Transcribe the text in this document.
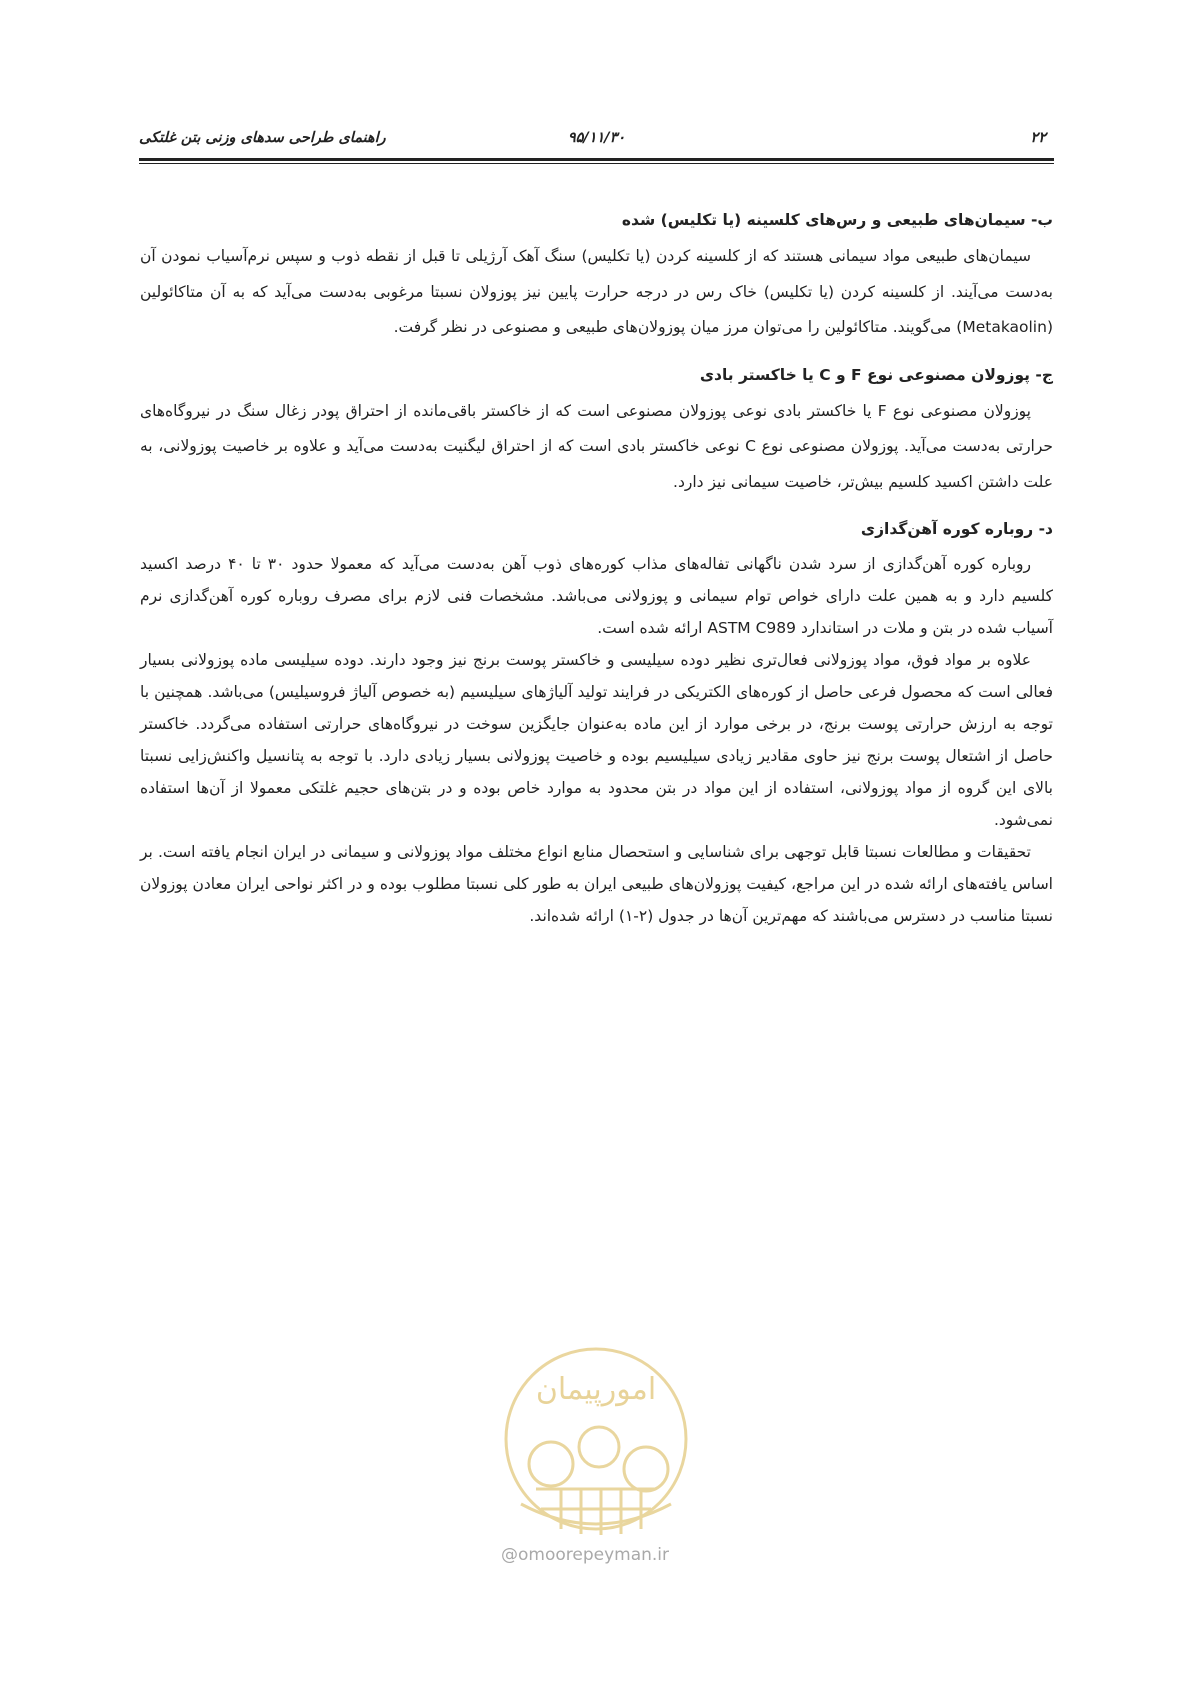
راهنمای طراحی سدهای وزنی بتن غلتکی	۹۵/۱۱/۳۰	۲۲
ب- سیمان‌های طبیعی و رس‌های کلسینه (یا تکلیس) شده

سیمان‌های طبیعی مواد سیمانی هستند که از کلسینه کردن (یا تکلیس) سنگ آهک آرژیلی تا قبل از نقطه ذوب و سپس نرم‌آسیاب نمودن آن به‌دست می‌آیند. از کلسینه کردن (یا تکلیس) خاک رس در درجه حرارت پایین نیز پوزولان نسبتا مرغوبی به‌دست می‌آید که به آن متاکائولین (Metakaolin) می‌گویند. متاکائولین را می‌توان مرز میان پوزولان‌های طبیعی و مصنوعی در نظر گرفت.

ج- پوزولان مصنوعی نوع F و C یا خاکستر بادی

پوزولان مصنوعی نوع F یا خاکستر بادی نوعی پوزولان مصنوعی است که از خاکستر باقی‌مانده از احتراق پودر زغال سنگ در نیروگاه‌های حرارتی به‌دست می‌آید. پوزولان مصنوعی نوع C نوعی خاکستر بادی است که از احتراق لیگنیت به‌دست می‌آید و علاوه بر خاصیت پوزولانی، به علت داشتن اکسید کلسیم بیش‌تر، خاصیت سیمانی نیز دارد.

د- روباره کوره آهن‌گدازی

روباره کوره آهن‌گدازی از سرد شدن ناگهانی تفاله‌های مذاب کوره‌های ذوب آهن به‌دست می‌آید که معمولا حدود ۳۰ تا ۴۰ درصد اکسید کلسیم دارد و به همین علت دارای خواص توام سیمانی و پوزولانی می‌باشد. مشخصات فنی لازم برای مصرف روباره کوره آهن‌گدازی نرم آسیاب شده در بتن و ملات در استاندارد ASTM C989 ارائه شده است.

علاوه بر مواد فوق، مواد پوزولانی فعال‌تری نظیر دوده سیلیسی و خاکستر پوست برنج نیز وجود دارند. دوده سیلیسی ماده پوزولانی بسیار فعالی است که محصول فرعی حاصل از کوره‌های الکتریکی در فرایند تولید آلیاژهای سیلیسیم (به خصوص آلیاژ فروسیلیس) می‌باشد. همچنین با توجه به ارزش حرارتی پوست برنج، در برخی موارد از این ماده به‌عنوان جایگزین سوخت در نیروگاه‌های حرارتی استفاده می‌گردد. خاکستر حاصل از اشتعال پوست برنج نیز حاوی مقادیر زیادی سیلیسیم بوده و خاصیت پوزولانی بسیار زیادی دارد. با توجه به پتانسیل واکنش‌زایی نسبتا بالای این گروه از مواد پوزولانی، استفاده از این مواد در بتن محدود به موارد خاص بوده و در بتن‌های حجیم غلتکی معمولا از آن‌ها استفاده نمی‌شود.

تحقیقات و مطالعات نسبتا قابل توجهی برای شناسایی و استحصال منابع انواع مختلف مواد پوزولانی و سیمانی در ایران انجام یافته است. بر اساس یافته‌های ارائه شده در این مراجع، کیفیت پوزولان‌های طبیعی ایران به طور کلی نسبتا مطلوب بوده و در اکثر نواحی ایران معادن پوزولان نسبتا مناسب در دسترس می‌باشند که مهم‌ترین آن‌ها در جدول (۲-۱) ارائه شده‌اند.

امورپیمان
@omoorepeyman.ir
